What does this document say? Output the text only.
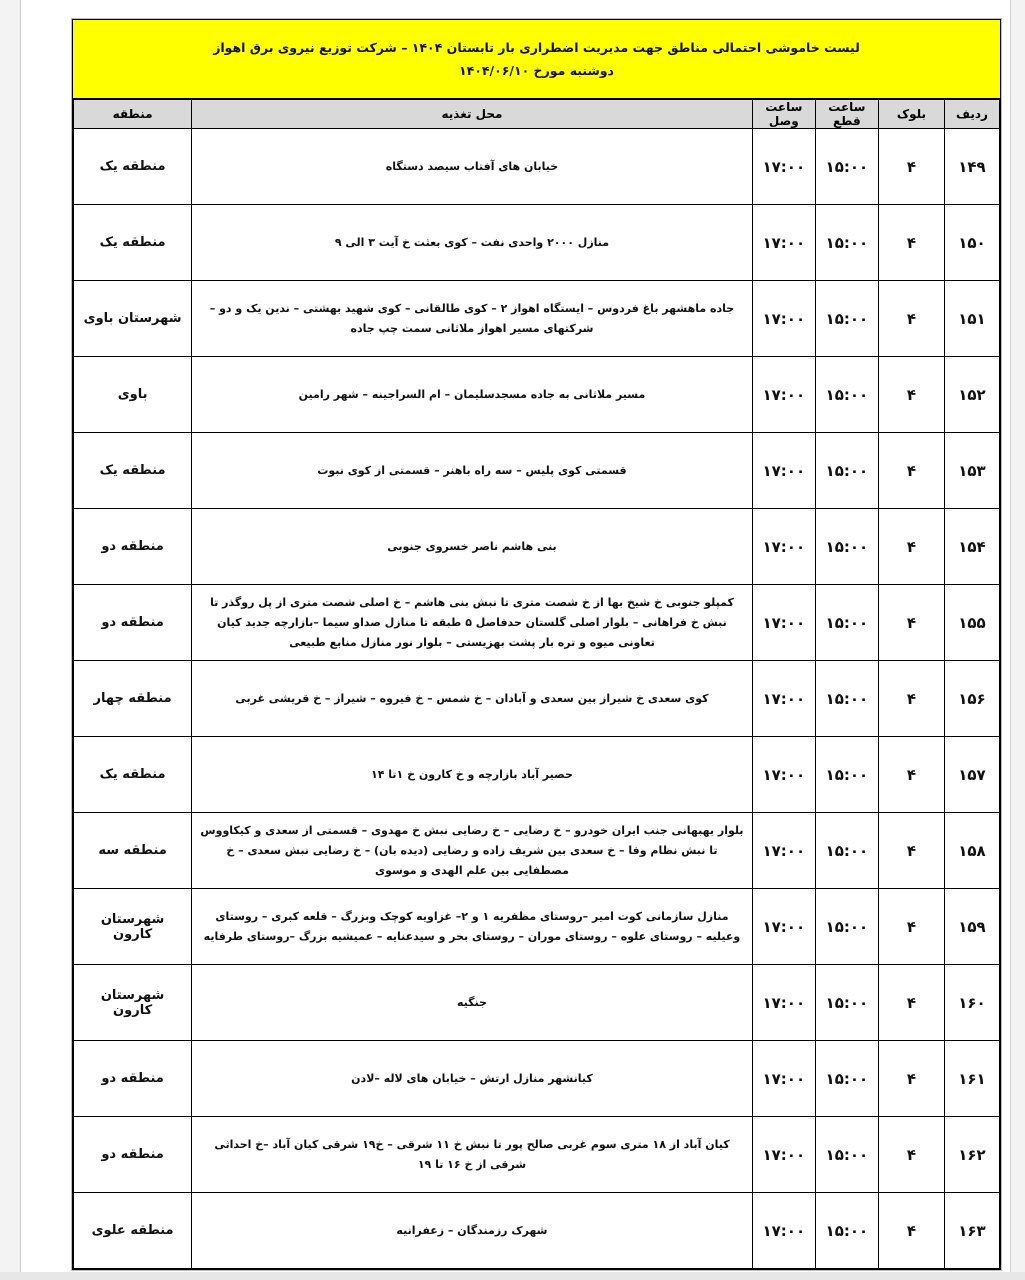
لیست خاموشی احتمالی مناطق جهت مدیریت اضطراری بار تابستان ۱۴۰۴ – شرکت توزیع نیروی برق اهواز
دوشنبه مورخ ۱۴۰۴/۰۶/۱۰
ردیف	بلوک	ساعت قطع	ساعت وصل	محل تغذیه	منطقه
۱۴۹	۴	۱۵:۰۰	۱۷:۰۰	خیابان های آفتاب سیصد دستگاه	منطقه یک
۱۵۰	۴	۱۵:۰۰	۱۷:۰۰	منازل ۲۰۰۰ واحدی نفت – کوی بعثت خ آیت ۳ الی ۹	منطقه یک
۱۵۱	۴	۱۵:۰۰	۱۷:۰۰	جاده ماهشهر باغ فردوس – ایستگاه اهواز ۲ – کوی طالقانی – کوی شهید بهشتی – ندین یک و دو – شرکتهای مسیر اهواز ملاثانی سمت چپ جاده	شهرستان باوی
۱۵۲	۴	۱۵:۰۰	۱۷:۰۰	مسیر ملاثانی به جاده مسجدسلیمان – ام السراجینه – شهر رامین	باوی
۱۵۳	۴	۱۵:۰۰	۱۷:۰۰	قسمتی کوی پلیس – سه راه باهنر – قسمتی از کوی نبوت	منطقه یک
۱۵۴	۴	۱۵:۰۰	۱۷:۰۰	بنی هاشم ناصر خسروی جنوبی	منطقه دو
۱۵۵	۴	۱۵:۰۰	۱۷:۰۰	کمپلو جنوبی خ شیخ بها از خ شصت متری تا نبش بنی هاشم – خ اصلی شصت متری از پل روگذر تا نبش خ فراهانی – بلوار اصلی گلستان حدفاصل ۵ طبقه تا منازل صداو سیما –بازارچه جدید کیان تعاونی میوه و تره بار پشت بهزیستی – بلوار نور منازل منابع طبیعی	منطقه دو
۱۵۶	۴	۱۵:۰۰	۱۷:۰۰	کوی سعدی خ شیراز بین سعدی و آبادان – خ شمس – خ فیروه – شیراز – خ قریشی غربی	منطقه چهار
۱۵۷	۴	۱۵:۰۰	۱۷:۰۰	حصیر آباد بازارچه و خ کارون خ ۱تا ۱۴	منطقه یک
۱۵۸	۴	۱۵:۰۰	۱۷:۰۰	بلوار بهبهانی جنب ایران خودرو – خ رضایی – خ رضایی نبش خ مهدوی – قسمتی از سعدی و کیکاووس تا نبش نظام وفا – خ سعدی بین شریف زاده و رضایی (دیده بان) – خ رضایی نبش سعدی – خ مصطفایی بین علم الهدی و موسوی	منطقه سه
۱۵۹	۴	۱۵:۰۰	۱۷:۰۰	منازل سازمانی کوت امیر –روستای مظفریه ۱ و ۲– غزاویه کوچک وبزرگ – قلعه کبری – روستای وعیلیه – روستای علوه – روستای موران – روستای بحر و سیدعنایه – عمیشیه بزرگ –روستای طرفایه	شهرستان کارون
۱۶۰	۴	۱۵:۰۰	۱۷:۰۰	جنگیه	شهرستان کارون
۱۶۱	۴	۱۵:۰۰	۱۷:۰۰	کیانشهر منازل ارتش – خیابان های لاله –لادن	منطقه دو
۱۶۲	۴	۱۵:۰۰	۱۷:۰۰	کیان آباد از ۱۸ متری سوم غربی صالح پور تا نبش خ ۱۱ شرقی – خ۱۹ شرقی کیان آباد –خ احداثی شرقی از خ ۱۶ تا ۱۹	منطقه دو
۱۶۳	۴	۱۵:۰۰	۱۷:۰۰	شهرک رزمندگان – زعفرانیه	منطقه علوی
